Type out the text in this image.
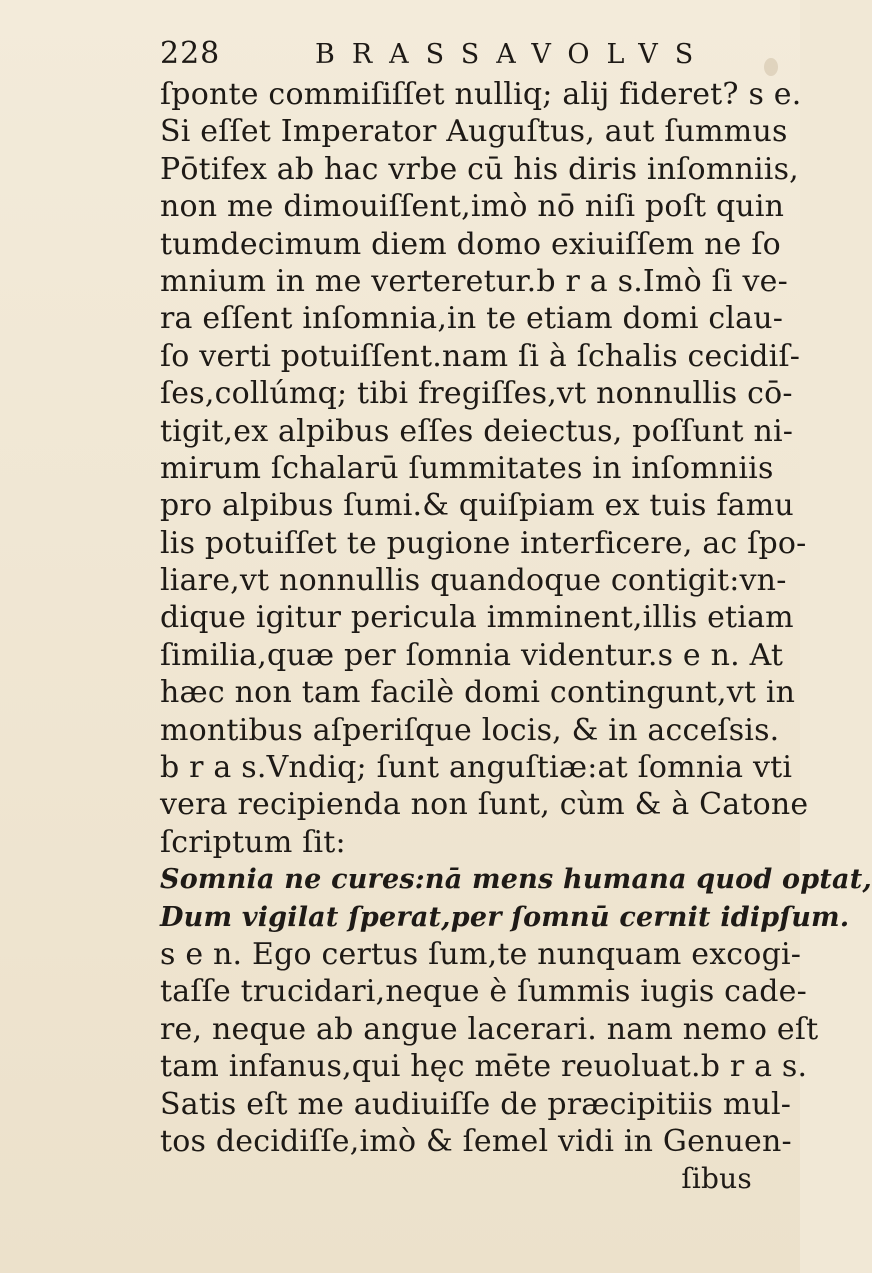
228	BRASSAVOLVS
ſponte commiſiſſet nulliq; alij fideret? s e.
Si eſſet Imperator Auguſtus, aut ſummus
Pōtifex ab hac vrbe cū his diris inſomniis,
non me dimouiſſent,imò nō niſi poſt quin
tumdecimum diem domo exiuiſſem ne ſo
mnium in me verteretur.b r a s.Imò ſi ve-
ra eſſent inſomnia,in te etiam domi clau-
ſo verti potuiſſent.nam ſi à ſchalis cecidiſ-
ſes,collúmq; tibi fregiſſes,vt nonnullis cō-
tigit,ex alpibus eſſes deiectus, poſſunt ni-
mirum ſchalarū ſummitates in inſomniis
pro alpibus ſumi.& quiſpiam ex tuis famu
lis potuiſſet te pugione interficere, ac ſpo-
liare,vt nonnullis quandoque contigit:vn-
dique igitur pericula imminent,illis etiam
ſimilia,quæ per ſomnia videntur.s e n. At
hæc non tam facilè domi contingunt,vt in
montibus aſperiſque locis, & in acceſsis.
b r a s.Vndiq; ſunt anguſtiæ:at ſomnia vti
vera recipienda non ſunt, cùm & à Catone
ſcriptum ſit:
Somnia ne cures:nā mens humana quod optat,
Dum vigilat ſperat,per ſomnū cernit idipſum.
s e n. Ego certus ſum,te nunquam excogi-
taſſe trucidari,neque è ſummis iugis cade-
re, neque ab angue lacerari. nam nemo eſt
tam infanus,qui hęc mēte reuoluat.b r a s.
Satis eſt me audiuiſſe de præcipitiis mul-
tos decidiſſe,imò & ſemel vidi in Genuen-
ſibus
